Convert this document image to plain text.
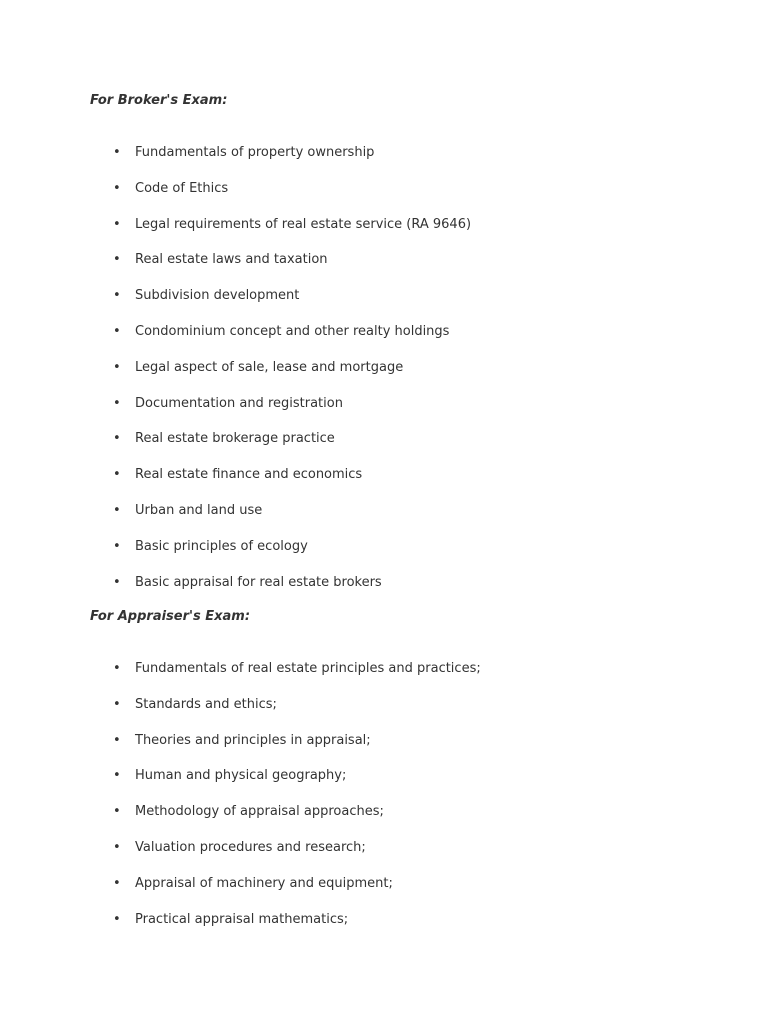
For Broker's Exam:

• Fundamentals of property ownership
• Code of Ethics
• Legal requirements of real estate service (RA 9646)
• Real estate laws and taxation
• Subdivision development
• Condominium concept and other realty holdings
• Legal aspect of sale, lease and mortgage
• Documentation and registration
• Real estate brokerage practice
• Real estate finance and economics
• Urban and land use
• Basic principles of ecology
• Basic appraisal for real estate brokers

For Appraiser's Exam:

• Fundamentals of real estate principles and practices;
• Standards and ethics;
• Theories and principles in appraisal;
• Human and physical geography;
• Methodology of appraisal approaches;
• Valuation procedures and research;
• Appraisal of machinery and equipment;
• Practical appraisal mathematics;
